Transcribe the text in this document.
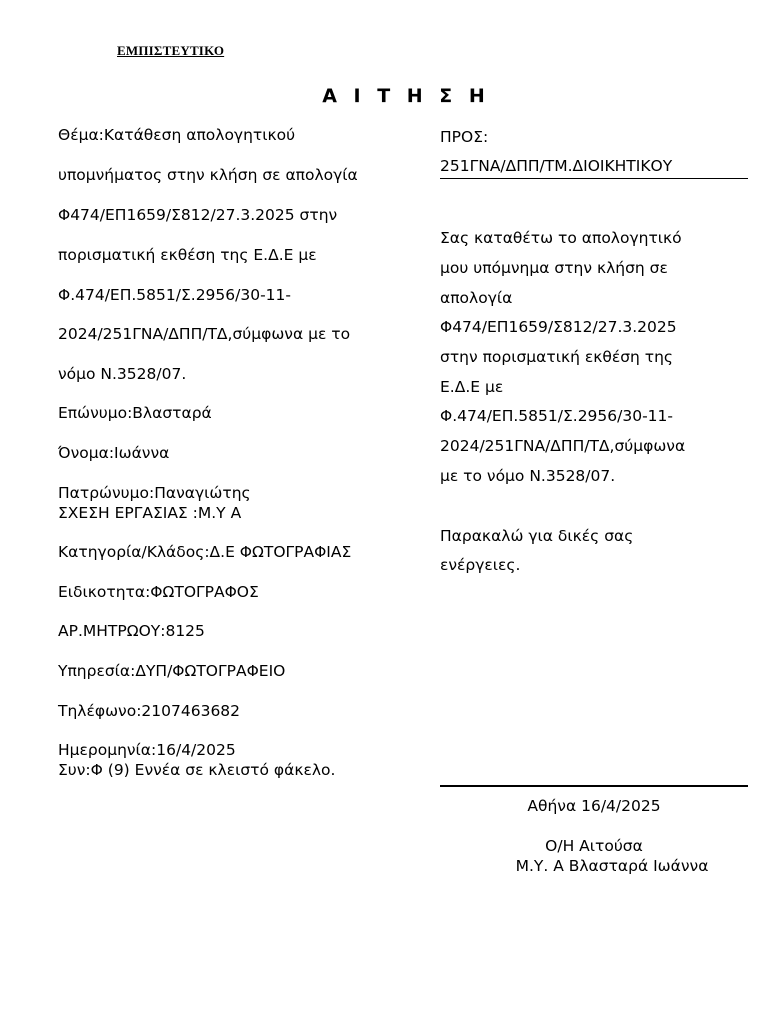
ΕΜΠΙΣΤΕΥΤΙΚΟ
Α Ι Τ Η Σ Η
Θέμα:Κατάθεση απολογητικού
υπομνήματος στην κλήση σε απολογία
Φ474/ΕΠ1659/Σ812/27.3.2025 στην
πορισματική εκθέση της Ε.Δ.Ε με
Φ.474/ΕΠ.5851/Σ.2956/30-11-
2024/251ΓΝΑ/ΔΠΠ/ΤΔ,σύμφωνα με το
νόμο Ν.3528/07.
Επώνυμο:Βλασταρά
Όνομα:Ιωάννα
Πατρώνυμο:Παναγιώτης
ΣΧΕΣΗ ΕΡΓΑΣΙΑΣ :Μ.Υ Α
Κατηγορία/Κλάδος:Δ.Ε ΦΩΤΟΓΡΑΦΙΑΣ
Ειδικοτητα:ΦΩΤΟΓΡΑΦΟΣ
ΑΡ.ΜΗΤΡΩΟΥ:8125
Υπηρεσία:ΔΥΠ/ΦΩΤΟΓΡΑΦΕΙΟ
Τηλέφωνο:2107463682
Ημερομηνία:16/4/2025
Συν:Φ (9) Εννέα σε κλειστό φάκελο.
ΠΡΟΣ:
251ΓΝΑ/ΔΠΠ/ΤΜ.ΔΙΟΙΚΗΤΙΚΟΥ
Σας καταθέτω το απολογητικό
μου υπόμνημα στην κλήση σε
απολογία
Φ474/ΕΠ1659/Σ812/27.3.2025
στην πορισματική εκθέση της
Ε.Δ.Ε με
Φ.474/ΕΠ.5851/Σ.2956/30-11-
2024/251ΓΝΑ/ΔΠΠ/ΤΔ,σύμφωνα
με το νόμο Ν.3528/07.
Παρακαλώ για δικές σας
ενέργειες.
Αθήνα 16/4/2025
Ο/Η Αιτούσα
Μ.Υ. Α Βλασταρά Ιωάννα
